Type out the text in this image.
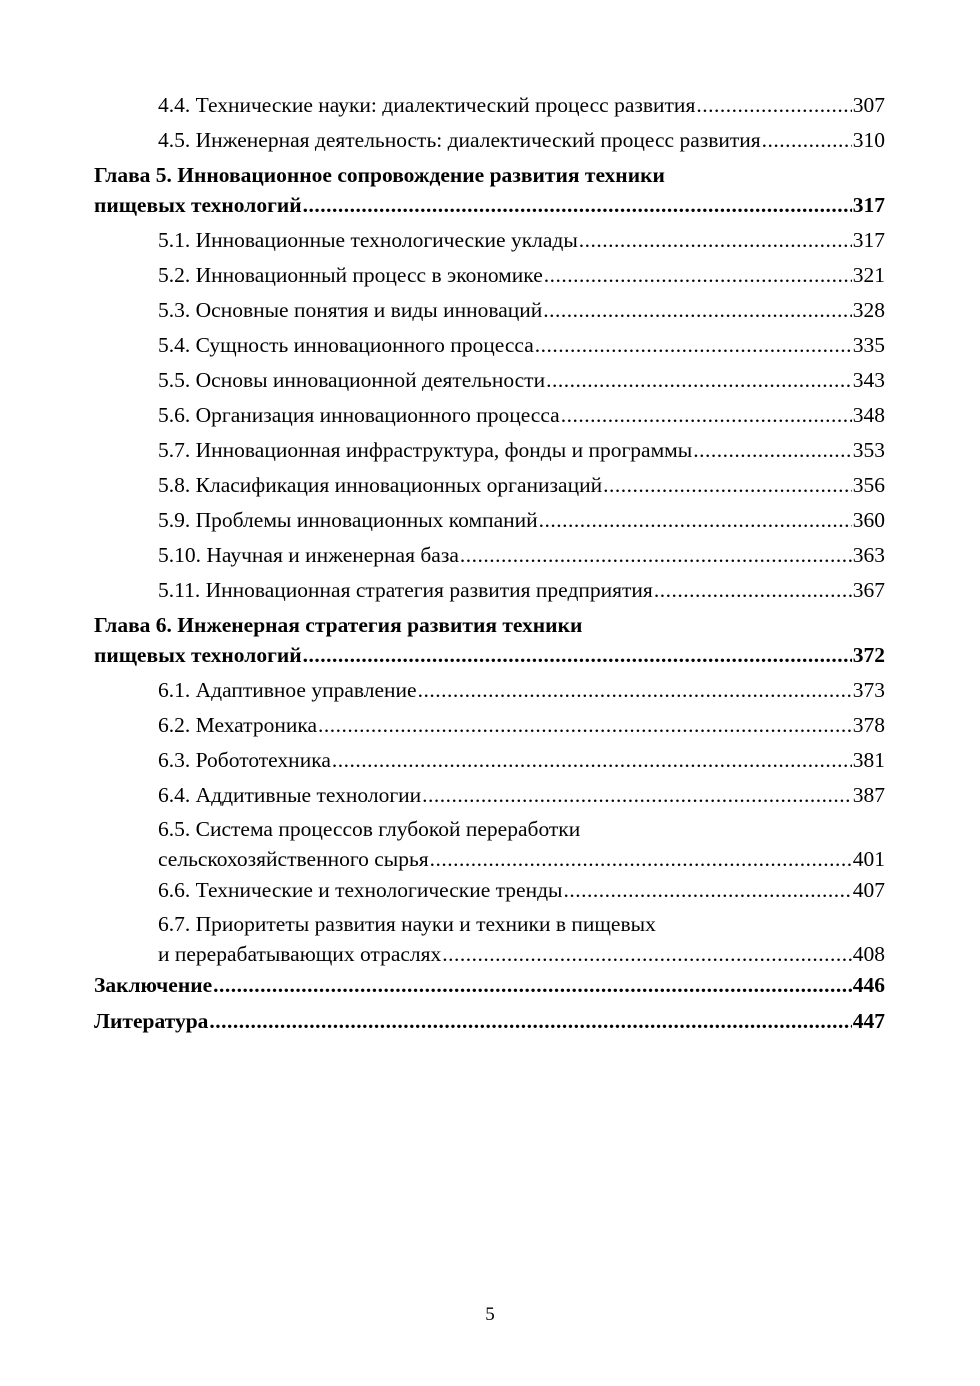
4.4. Технические науки: диалектический процесс развития .....	307
4.5. Инженерная деятельность: диалектический процесс развития .....	310
Глава 5. Инновационное сопровождение развития техники
пищевых технологий .....	317
5.1. Инновационные технологические уклады .....	317
5.2. Инновационный процесс в экономике .....	321
5.3. Основные понятия и виды инноваций .....	328
5.4. Сущность инновационного процесса .....	335
5.5. Основы инновационной деятельности .....	343
5.6. Организация инновационного процесса .....	348
5.7. Инновационная инфраструктура, фонды и программы .....	353
5.8. Класификация инновационных организаций .....	356
5.9. Проблемы инновационных компаний .....	360
5.10. Научная и инженерная база .....	363
5.11. Инновационная стратегия развития предприятия .....	367
Глава 6. Инженерная стратегия развития техники
пищевых технологий .....	372
6.1. Адаптивное управление .....	373
6.2. Мехатроника .....	378
6.3. Робототехника .....	381
6.4. Аддитивные технологии .....	387
6.5. Система процессов глубокой переработки
сельскохозяйственного сырья .....	401
6.6. Технические и технологические тренды .....	407
6.7. Приоритеты развития науки и техники в пищевых
и перерабатывающих отраслях .....	408
Заключение .....	446
Литература .....	447
5
